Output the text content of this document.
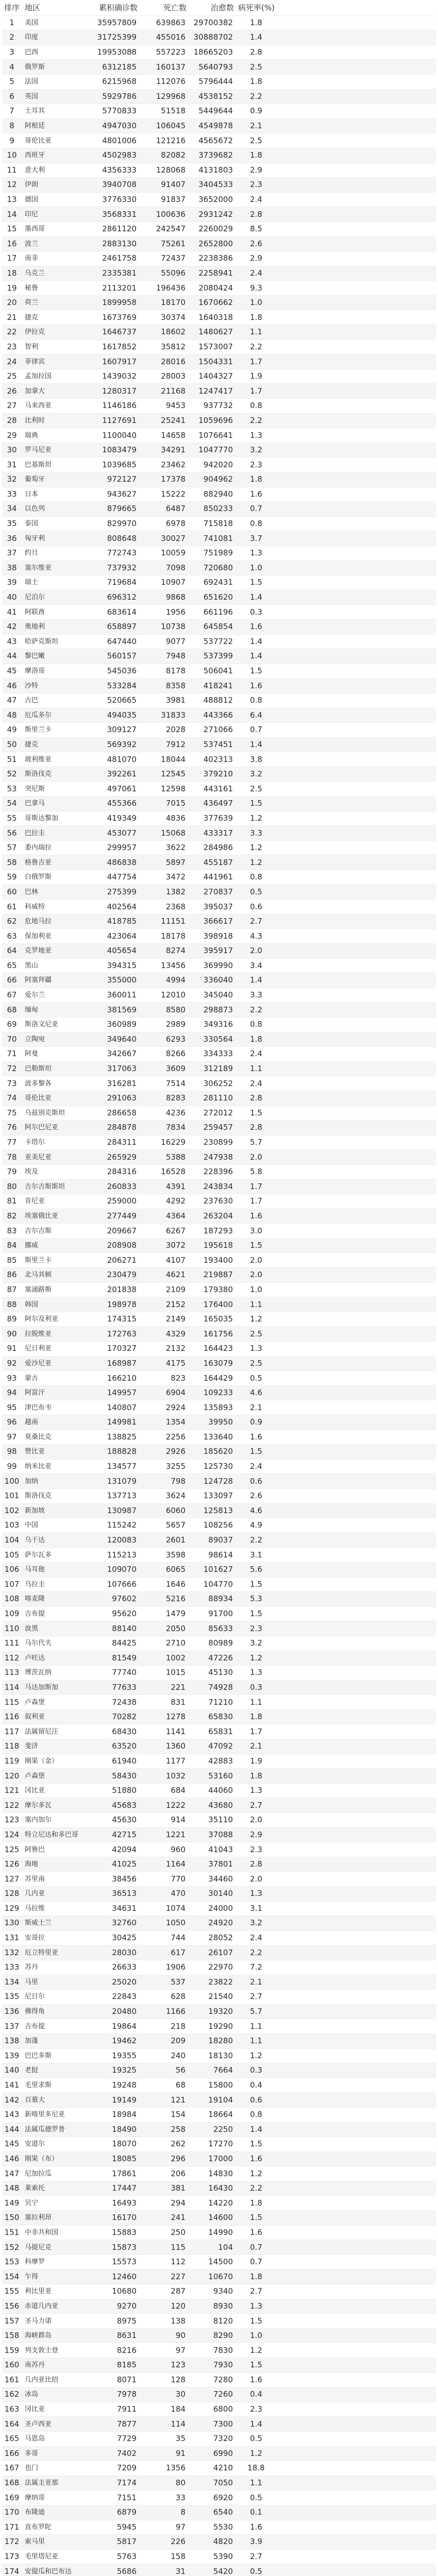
排序	地区	累积确诊数	死亡数	治愈数	病死率(%)	
1	美国	35957809	639863	29700382	1.8	
2	印度	31725399	455016	30888702	1.4	
3	巴西	19953088	557223	18665203	2.8	
4	俄罗斯	6312185	160137	5640793	2.5	
5	法国	6215968	112076	5796444	1.8	
6	英国	5929786	129968	4538152	2.2	
7	土耳其	5770833	51518	5449644	0.9	
8	阿根廷	4947030	106045	4549878	2.1	
9	哥伦比亚	4801006	121216	4565672	2.5	
10	西班牙	4502983	82082	3739682	1.8	
11	意大利	4356333	128068	4131803	2.9	
12	伊朗	3940708	91407	3404533	2.3	
13	德国	3776330	91837	3652000	2.4	
14	印尼	3568331	100636	2931242	2.8	
15	墨西哥	2861120	242547	2260029	8.5	
16	波兰	2883130	75261	2652800	2.6	
17	南非	2461758	72437	2238386	2.9	
18	乌克兰	2335381	55096	2258941	2.4	
19	秘鲁	2113201	196436	2080424	9.3	
20	荷兰	1899958	18170	1670662	1.0	
21	捷克	1673769	30374	1640318	1.8	
22	伊拉克	1646737	18602	1480627	1.1	
23	智利	1617852	35812	1573007	2.2	
24	菲律宾	1607917	28016	1504331	1.7	
25	孟加拉国	1439032	28003	1404327	1.9	
26	加拿大	1280317	21168	1247417	1.7	
27	马来西亚	1146186	9453	937732	0.8	
28	比利时	1127691	25241	1059696	2.2	
29	瑞典	1100040	14658	1076641	1.3	
30	罗马尼亚	1083479	34291	1047770	3.2	
31	巴基斯坦	1039685	23462	942020	2.3	
32	葡萄牙	972127	17378	904962	1.8	
33	日本	943627	15222	882940	1.6	
34	以色列	879665	6487	850233	0.7	
35	泰国	829970	6978	715818	0.8	
36	匈牙利	808648	30027	741081	3.7	
37	约旦	772743	10059	751989	1.3	
38	塞尔维亚	737932	7098	720680	1.0	
39	瑞士	719684	10907	692431	1.5	
40	尼泊尔	696312	9868	651620	1.4	
41	阿联酋	683614	1956	661196	0.3	
42	奥地利	658897	10738	645854	1.6	
43	哈萨克斯坦	647440	9077	537722	1.4	
44	黎巴嫩	560157	7948	537399	1.4	
45	摩洛哥	545036	8178	506041	1.5	
46	沙特	533284	8358	418241	1.6	
47	古巴	520665	3981	488812	0.8	
48	厄瓜多尔	494035	31833	443366	6.4	
49	斯里兰卡	309127	2028	271066	0.7	
50	捷克	569392	7912	537451	1.4	
51	玻利维亚	481070	18044	402313	3.8	
52	斯洛伐克	392261	12545	379210	3.2	
53	突尼斯	497061	12598	443161	2.5	
54	巴拿马	455366	7015	436497	1.5	
55	哥斯达黎加	419349	4836	377639	1.2	
56	巴拉圭	453077	15068	433317	3.3	
57	委内瑞拉	299957	3622	284986	1.2	
58	格鲁吉亚	486838	5897	455187	1.2	
59	白俄罗斯	447754	3472	441961	0.8	
60	巴林	275399	1382	270837	0.5	
61	科威特	402564	2368	395037	0.6	
62	危地马拉	418785	11151	366617	2.7	
63	保加利亚	423064	18178	398918	4.3	
64	克罗地亚	405654	8274	395917	2.0	
65	黑山	394315	13456	369990	3.4	
66	阿塞拜疆	355000	4994	336040	1.4	
67	爱尔兰	360011	12010	345040	3.3	
68	缅甸	381569	8580	298873	2.2	
69	斯洛文尼亚	360989	2989	349316	0.8	
70	立陶宛	349640	6293	330564	1.8	
71	阿曼	342667	8266	334333	2.4	
72	巴勒斯坦	317063	3609	312189	1.1	
73	波多黎各	316281	7514	306252	2.4	
74	哥伦比亚	291063	8283	281110	2.8	
75	乌兹别克斯坦	286658	4236	272012	1.5	
76	阿尔巴尼亚	284878	7834	259457	2.8	
77	卡塔尔	284311	16229	230899	5.7	
78	亚美尼亚	265929	5388	247938	2.0	
79	埃及	284316	16528	228396	5.8	
80	吉尔吉斯斯坦	260833	4391	243834	1.7	
81	肯尼亚	259000	4292	237630	1.7	
82	埃塞俄比亚	277449	4364	263204	1.6	
83	吉尔吉斯	209667	6267	187293	3.0	
84	挪威	208908	3072	195618	1.5	
85	斯里兰卡	206271	4107	193400	2.0	
86	北马其顿	230479	4621	219887	2.0	
87	塞浦路斯	201838	2109	179380	1.0	
88	韩国	198978	2152	176400	1.1	
89	阿尔及利亚	174315	2149	165035	1.2	
90	拉脱维亚	172763	4329	161756	2.5	
91	尼日利亚	170327	2132	164423	1.3	
92	爱沙尼亚	168987	4175	163079	2.5	
93	蒙古	166210	823	164429	0.5	
94	阿富汗	149957	6904	109233	4.6	
95	津巴布韦	140807	2924	135893	2.1	
96	越南	149981	1354	39950	0.9	
97	莫桑比克	138825	2256	133640	1.6	
98	赞比亚	188828	2926	185620	1.5	
99	纳米比亚	134577	3255	125730	2.4	
100	加纳	131079	798	124728	0.6	
101	斯洛伐克	137713	3624	133097	2.6	
102	新加坡	130987	6060	125813	4.6	
103	中国	115242	5657	108256	4.9	
104	乌干达	120083	2601	89037	2.2	
105	萨尔瓦多	115213	3598	98614	3.1	
106	马耳他	109070	6065	101627	5.6	
107	乌拉圭	107666	1646	104770	1.5	
108	喀麦隆	97602	5216	88934	5.3	
109	吉布提	95620	1479	91700	1.5	
110	波黑	88140	2050	85633	2.3	
111	马尔代夫	84425	2710	80989	3.2	
112	卢旺达	81549	1002	47226	1.2	
113	博茨瓦纳	77740	1015	45130	1.3	
114	马达加斯加	77633	221	74928	0.3	
115	卢森堡	72438	831	71210	1.1	
116	叙利亚	70282	1278	65830	1.8	
117	法属留尼汪	68430	1141	65831	1.7	
118	斐济	63520	1360	47092	2.1	
119	刚果（金）	61940	1177	42883	1.9	
120	卢森堡	58430	1032	53160	1.8	
121	冈比亚	51880	684	44060	1.3	
122	摩尔多瓦	45683	1222	43680	2.7	
123	塞内加尔	45630	914	35110	2.0	
124	特立尼达和多巴哥	42715	1221	37088	2.9	
125	阿鲁巴	42094	960	41043	2.3	
126	海地	41025	1164	37801	2.8	
127	苏里南	38456	770	34460	2.0	
128	几内亚	36513	470	30140	1.3	
129	马拉维	34631	1074	24000	3.1	
130	斯威士兰	32760	1050	24920	3.2	
131	安哥拉	30425	744	28052	2.4	
132	厄立特里亚	28030	617	26107	2.2	
133	苏丹	26633	1906	22970	7.2	
134	马里	25020	537	23822	2.1	
135	尼日尔	22843	628	21540	2.7	
136	佛得角	20480	1166	19320	5.7	
137	吉布提	19864	218	19290	1.1	
138	加蓬	19462	209	18280	1.1	
139	巴巴多斯	19355	240	18130	1.2	
140	老挝	19325	56	7664	0.3	
141	毛里求斯	19248	68	15800	0.4	
142	百慕大	19149	121	19104	0.6	
143	新喀里多尼亚	18984	154	18664	0.8	
144	法属瓜德罗普	18490	258	2250	1.4	
145	安道尔	18070	262	17270	1.5	
146	刚果（布）	18085	296	17000	1.6	
147	尼加拉瓜	17861	206	14830	1.2	
148	莱索托	17447	381	16430	2.2	
149	贝宁	16493	294	14220	1.8	
150	塞拉利昂	16170	241	14600	1.5	
151	中非共和国	15883	250	14990	1.6	
152	马提尼克	15873	115	104	0.7	
153	科摩罗	15573	112	14500	0.7	
154	乍得	12460	227	10670	1.8	
155	利比里亚	10680	287	9340	2.7	
156	赤道几内亚	9270	120	8930	1.3	
157	圣马力诺	8975	138	8120	1.5	
158	海峡群岛	8631	90	8290	1.0	
159	列支敦士登	8216	97	7830	1.2	
160	南苏丹	8185	123	7930	1.5	
161	几内亚比绍	8071	128	7280	1.6	
162	冰岛	7978	30	7260	0.4	
163	冈比亚	7911	184	6800	2.3	
164	圣卢西亚	7877	114	7300	1.4	
165	马恩岛	7729	35	7320	0.5	
166	多哥	7402	91	6990	1.2	
167	也门	7209	1356	4210	18.8	
168	法属圭亚那	7174	80	7050	1.1	
169	摩纳哥	7151	33	6920	0.5	
170	布隆迪	6879	8	6540	0.1	
171	直布罗陀	5945	97	5530	1.6	
172	索马里	5817	226	4820	3.9	
173	毛里塔尼亚	5763	158	5390	2.7	
174	安提瓜和巴布达	5686	31	5420	0.5	
